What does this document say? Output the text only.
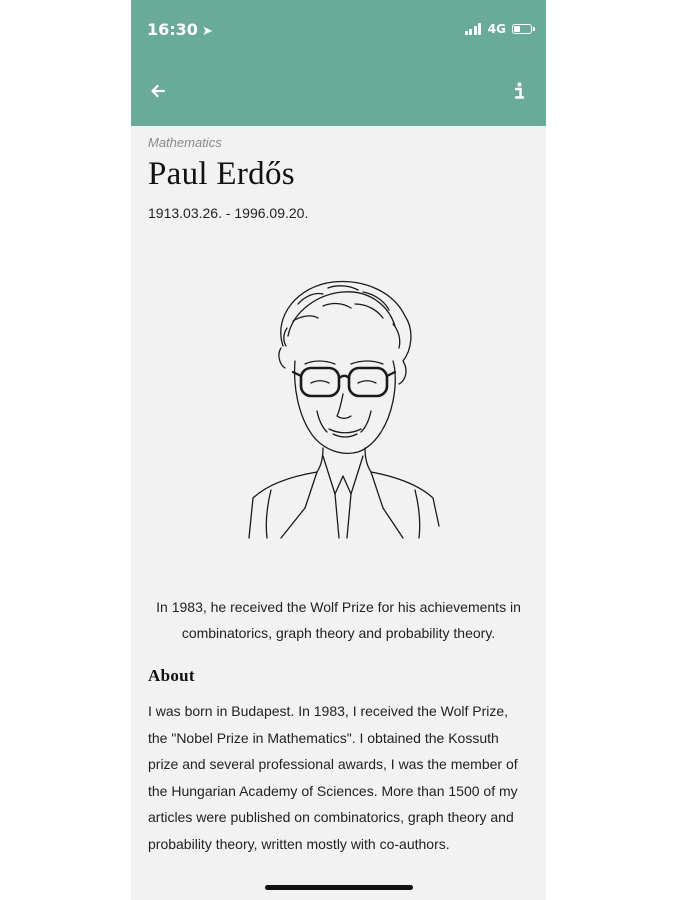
16:30 ➤	4G
Mathematics
Paul Erdős
1913.03.26. - 1996.09.20.
In 1983, he received the Wolf Prize for his achievements in combinatorics, graph theory and probability theory.
About
I was born in Budapest. In 1983, I received the Wolf Prize, the "Nobel Prize in Mathematics". I obtained the Kossuth prize and several professional awards, I was the member of the Hungarian Academy of Sciences. More than 1500 of my articles were published on combinatorics, graph theory and probability theory, written mostly with co-authors.
